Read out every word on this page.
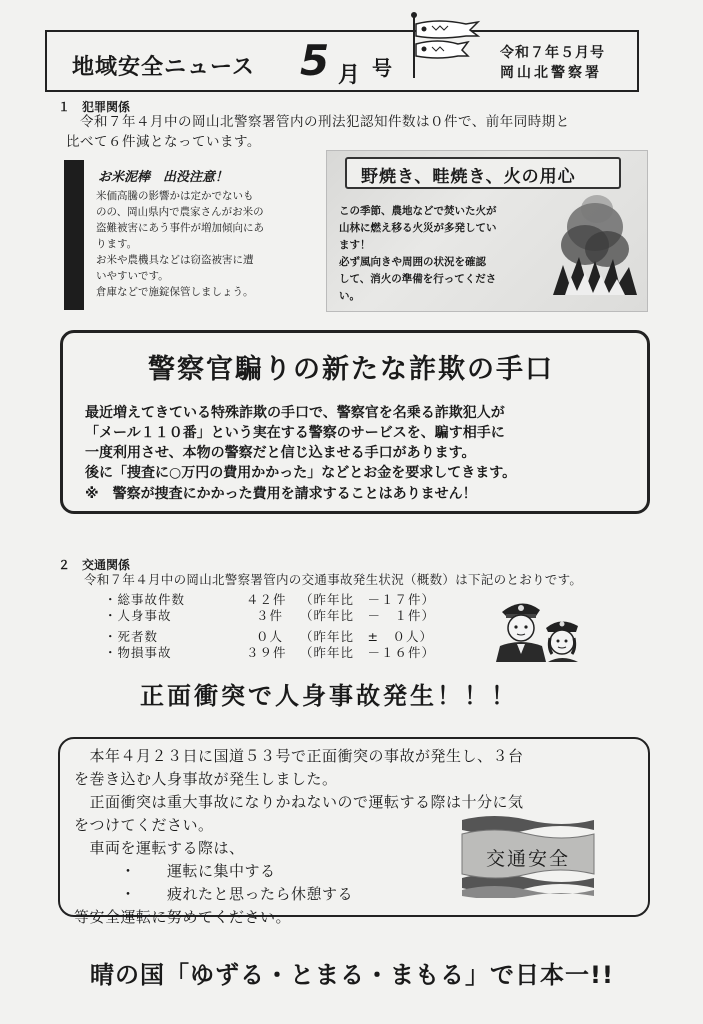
地域安全ニュース 5 月 号
令和７年５月号
岡山北警察署
１　犯罪関係
令和７年４月中の岡山北警察署管内の刑法犯認知件数は０件で、前年同時期と
比べて６件減となっています。
お米泥棒　出没注意！
米価高騰の影響かは定かでないも
のの、岡山県内で農家さんがお米の
盗難被害にあう事件が増加傾向にあ
ります。
お米や農機具などは窃盗被害に遭
いやすいです。
倉庫などで施錠保管しましょう。
野焼き、畦焼き、火の用心
この季節、農地などで焚いた火が
山林に燃え移る火災が多発してい
ます！
必ず風向きや周囲の状況を確認
して、消火の準備を行ってくださ
い。
警察官騙りの新たな詐欺の手口
最近増えてきている特殊詐欺の手口で、警察官を名乗る詐欺犯人が
「メール１１０番」という実在する警察のサービスを、騙す相手に
一度利用させ、本物の警察だと信じ込ませる手口があります。
後に「捜査に○万円の費用かかった」などとお金を要求してきます。
※　警察が捜査にかかった費用を請求することはありません！
２　交通関係
令和７年４月中の岡山北警察署管内の交通事故発生状況（概数）は下記のとおりです。
・総事故件数	４２件 （昨年比　－１７件）
・人身事故	３件 （昨年比　－　１件）
・死者数	０人 （昨年比　±　０人）
・物損事故	３９件 （昨年比　－１６件）
正面衝突で人身事故発生！！！
　本年４月２３日に国道５３号で正面衝突の事故が発生し、３台
を巻き込む人身事故が発生しました。
　正面衝突は重大事故になりかねないので運転する際は十分に気
をつけてください。
　車両を運転する際は、
　　　・　　運転に集中する
　　　・　　疲れたと思ったら休憩する
等安全運転に努めてください。
交通安全
晴の国「ゆずる・とまる・まもる」で日本一!!
